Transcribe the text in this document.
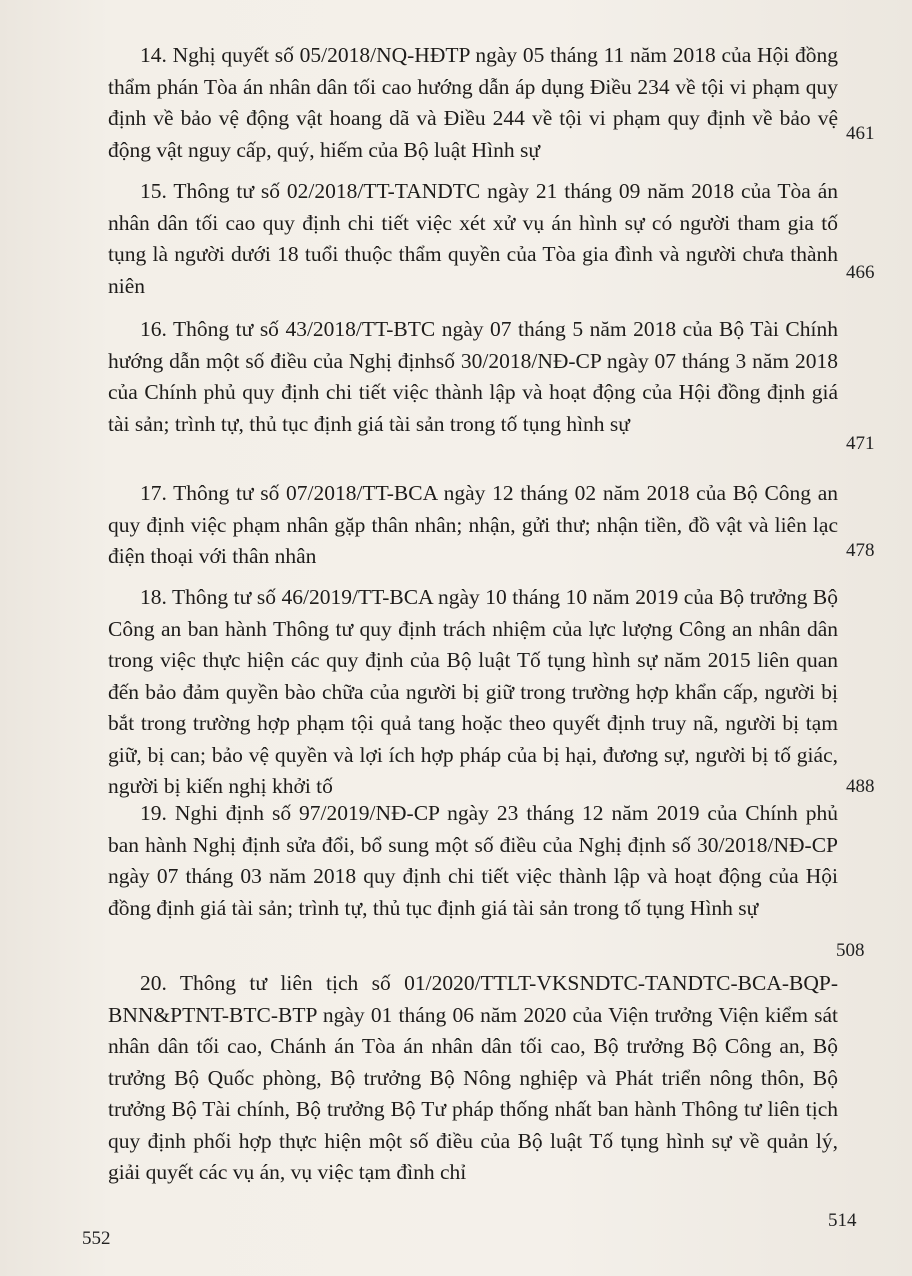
14. Nghị quyết số 05/2018/NQ-HĐTP ngày 05 tháng 11 năm 2018 của Hội đồng thẩm phán Tòa án nhân dân tối cao hướng dẫn áp dụng Điều 234 về tội vi phạm quy định về bảo vệ động vật hoang dã và Điều 244 về tội vi phạm quy định về bảo vệ động vật nguy cấp, quý, hiếm của Bộ luật Hình sự

461

15. Thông tư số 02/2018/TT-TANDTC ngày 21 tháng 09 năm 2018 của Tòa án nhân dân tối cao quy định chi tiết việc xét xử vụ án hình sự có người tham gia tố tụng là người dưới 18 tuổi thuộc thẩm quyền của Tòa gia đình và người chưa thành niên

466

16. Thông tư số 43/2018/TT-BTC ngày 07 tháng 5 năm 2018 của Bộ Tài Chính hướng dẫn một số điều của Nghị địnhsố 30/2018/NĐ-CP ngày 07 tháng 3 năm 2018 của Chính phủ quy định chi tiết việc thành lập và hoạt động của Hội đồng định giá tài sản; trình tự, thủ tục định giá tài sản trong tố tụng hình sự

471

17. Thông tư số 07/2018/TT-BCA ngày 12 tháng 02 năm 2018 của Bộ Công an quy định việc phạm nhân gặp thân nhân; nhận, gửi thư; nhận tiền, đồ vật và liên lạc điện thoại với thân nhân	478

18. Thông tư số 46/2019/TT-BCA ngày 10 tháng 10 năm 2019 của Bộ trưởng Bộ Công an ban hành Thông tư quy định trách nhiệm của lực lượng Công an nhân dân trong việc thực hiện các quy định của Bộ luật Tố tụng hình sự năm 2015 liên quan đến bảo đảm quyền bào chữa của người bị giữ trong trường hợp khẩn cấp, người bị bắt trong trường hợp phạm tội quả tang hoặc theo quyết định truy nã, người bị tạm giữ, bị can; bảo vệ quyền và lợi ích hợp pháp của bị hại, đương sự, người bị tố giác, người bị kiến nghị khởi tố	488

19. Nghi định số 97/2019/NĐ-CP ngày 23 tháng 12 năm 2019 của Chính phủ ban hành Nghị định sửa đổi, bổ sung một số điều của Nghị định số 30/2018/NĐ-CP ngày 07 tháng 03 năm 2018 quy định chi tiết việc thành lập và hoạt động của Hội đồng định giá tài sản; trình tự, thủ tục định giá tài sản trong tố tụng Hình sự

508

20. Thông tư liên tịch số 01/2020/TTLT-VKSNDTC-TANDTC-BCA-BQP-BNN&PTNT-BTC-BTP ngày 01 tháng 06 năm 2020 của Viện trưởng Viện kiểm sát nhân dân tối cao, Chánh án Tòa án nhân dân tối cao, Bộ trưởng Bộ Công an, Bộ trưởng Bộ Quốc phòng, Bộ trưởng Bộ Nông nghiệp và Phát triển nông thôn, Bộ trưởng Bộ Tài chính, Bộ trưởng Bộ Tư pháp thống nhất ban hành Thông tư liên tịch quy định phối hợp thực hiện một số điều của Bộ luật Tố tụng hình sự về quản lý, giải quyết các vụ án, vụ việc tạm đình chỉ

514
552
